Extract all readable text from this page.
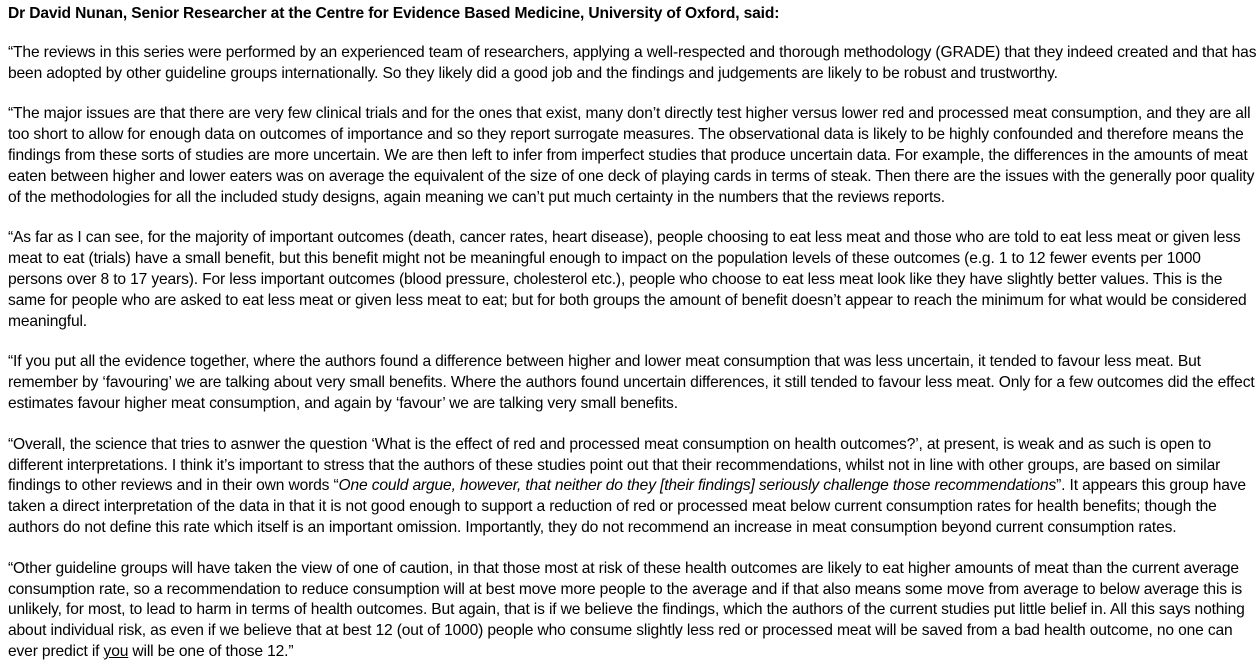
Dr David Nunan, Senior Researcher at the Centre for Evidence Based Medicine, University of Oxford, said:

“The reviews in this series were performed by an experienced team of researchers, applying a well-respected and thorough methodology (GRADE) that they indeed created and that has been adopted by other guideline groups internationally. So they likely did a good job and the findings and judgements are likely to be robust and trustworthy.

“The major issues are that there are very few clinical trials and for the ones that exist, many don’t directly test higher versus lower red and processed meat consumption, and they are all too short to allow for enough data on outcomes of importance and so they report surrogate measures. The observational data is likely to be highly confounded and therefore means the findings from these sorts of studies are more uncertain. We are then left to infer from imperfect studies that produce uncertain data. For example, the differences in the amounts of meat eaten between higher and lower eaters was on average the equivalent of the size of one deck of playing cards in terms of steak. Then there are the issues with the generally poor quality of the methodologies for all the included study designs, again meaning we can’t put much certainty in the numbers that the reviews reports.

“As far as I can see, for the majority of important outcomes (death, cancer rates, heart disease), people choosing to eat less meat and those who are told to eat less meat or given less meat to eat (trials) have a small benefit, but this benefit might not be meaningful enough to impact on the population levels of these outcomes (e.g. 1 to 12 fewer events per 1000 persons over 8 to 17 years). For less important outcomes (blood pressure, cholesterol etc.), people who choose to eat less meat look like they have slightly better values. This is the same for people who are asked to eat less meat or given less meat to eat; but for both groups the amount of benefit doesn’t appear to reach the minimum for what would be considered meaningful.

“If you put all the evidence together, where the authors found a difference between higher and lower meat consumption that was less uncertain, it tended to favour less meat. But remember by ‘favouring’ we are talking about very small benefits. Where the authors found uncertain differences, it still tended to favour less meat. Only for a few outcomes did the effect estimates favour higher meat consumption, and again by ‘favour’ we are talking very small benefits.

“Overall, the science that tries to asnwer the question ‘What is the effect of red and processed meat consumption on health outcomes?’, at present, is weak and as such is open to different interpretations. I think it’s important to stress that the authors of these studies point out that their recommendations, whilst not in line with other groups, are based on similar findings to other reviews and in their own words “One could argue, however, that neither do they [their findings] seriously challenge those recommendations”. It appears this group have taken a direct interpretation of the data in that it is not good enough to support a reduction of red or processed meat below current consumption rates for health benefits; though the authors do not define this rate which itself is an important omission. Importantly, they do not recommend an increase in meat consumption beyond current consumption rates.

“Other guideline groups will have taken the view of one of caution, in that those most at risk of these health outcomes are likely to eat higher amounts of meat than the current average consumption rate, so a recommendation to reduce consumption will at best move more people to the average and if that also means some move from average to below average this is unlikely, for most, to lead to harm in terms of health outcomes. But again, that is if we believe the findings, which the authors of the current studies put little belief in. All this says nothing about individual risk, as even if we believe that at best 12 (out of 1000) people who consume slightly less red or processed meat will be saved from a bad health outcome, no one can ever predict if you will be one of those 12.”
